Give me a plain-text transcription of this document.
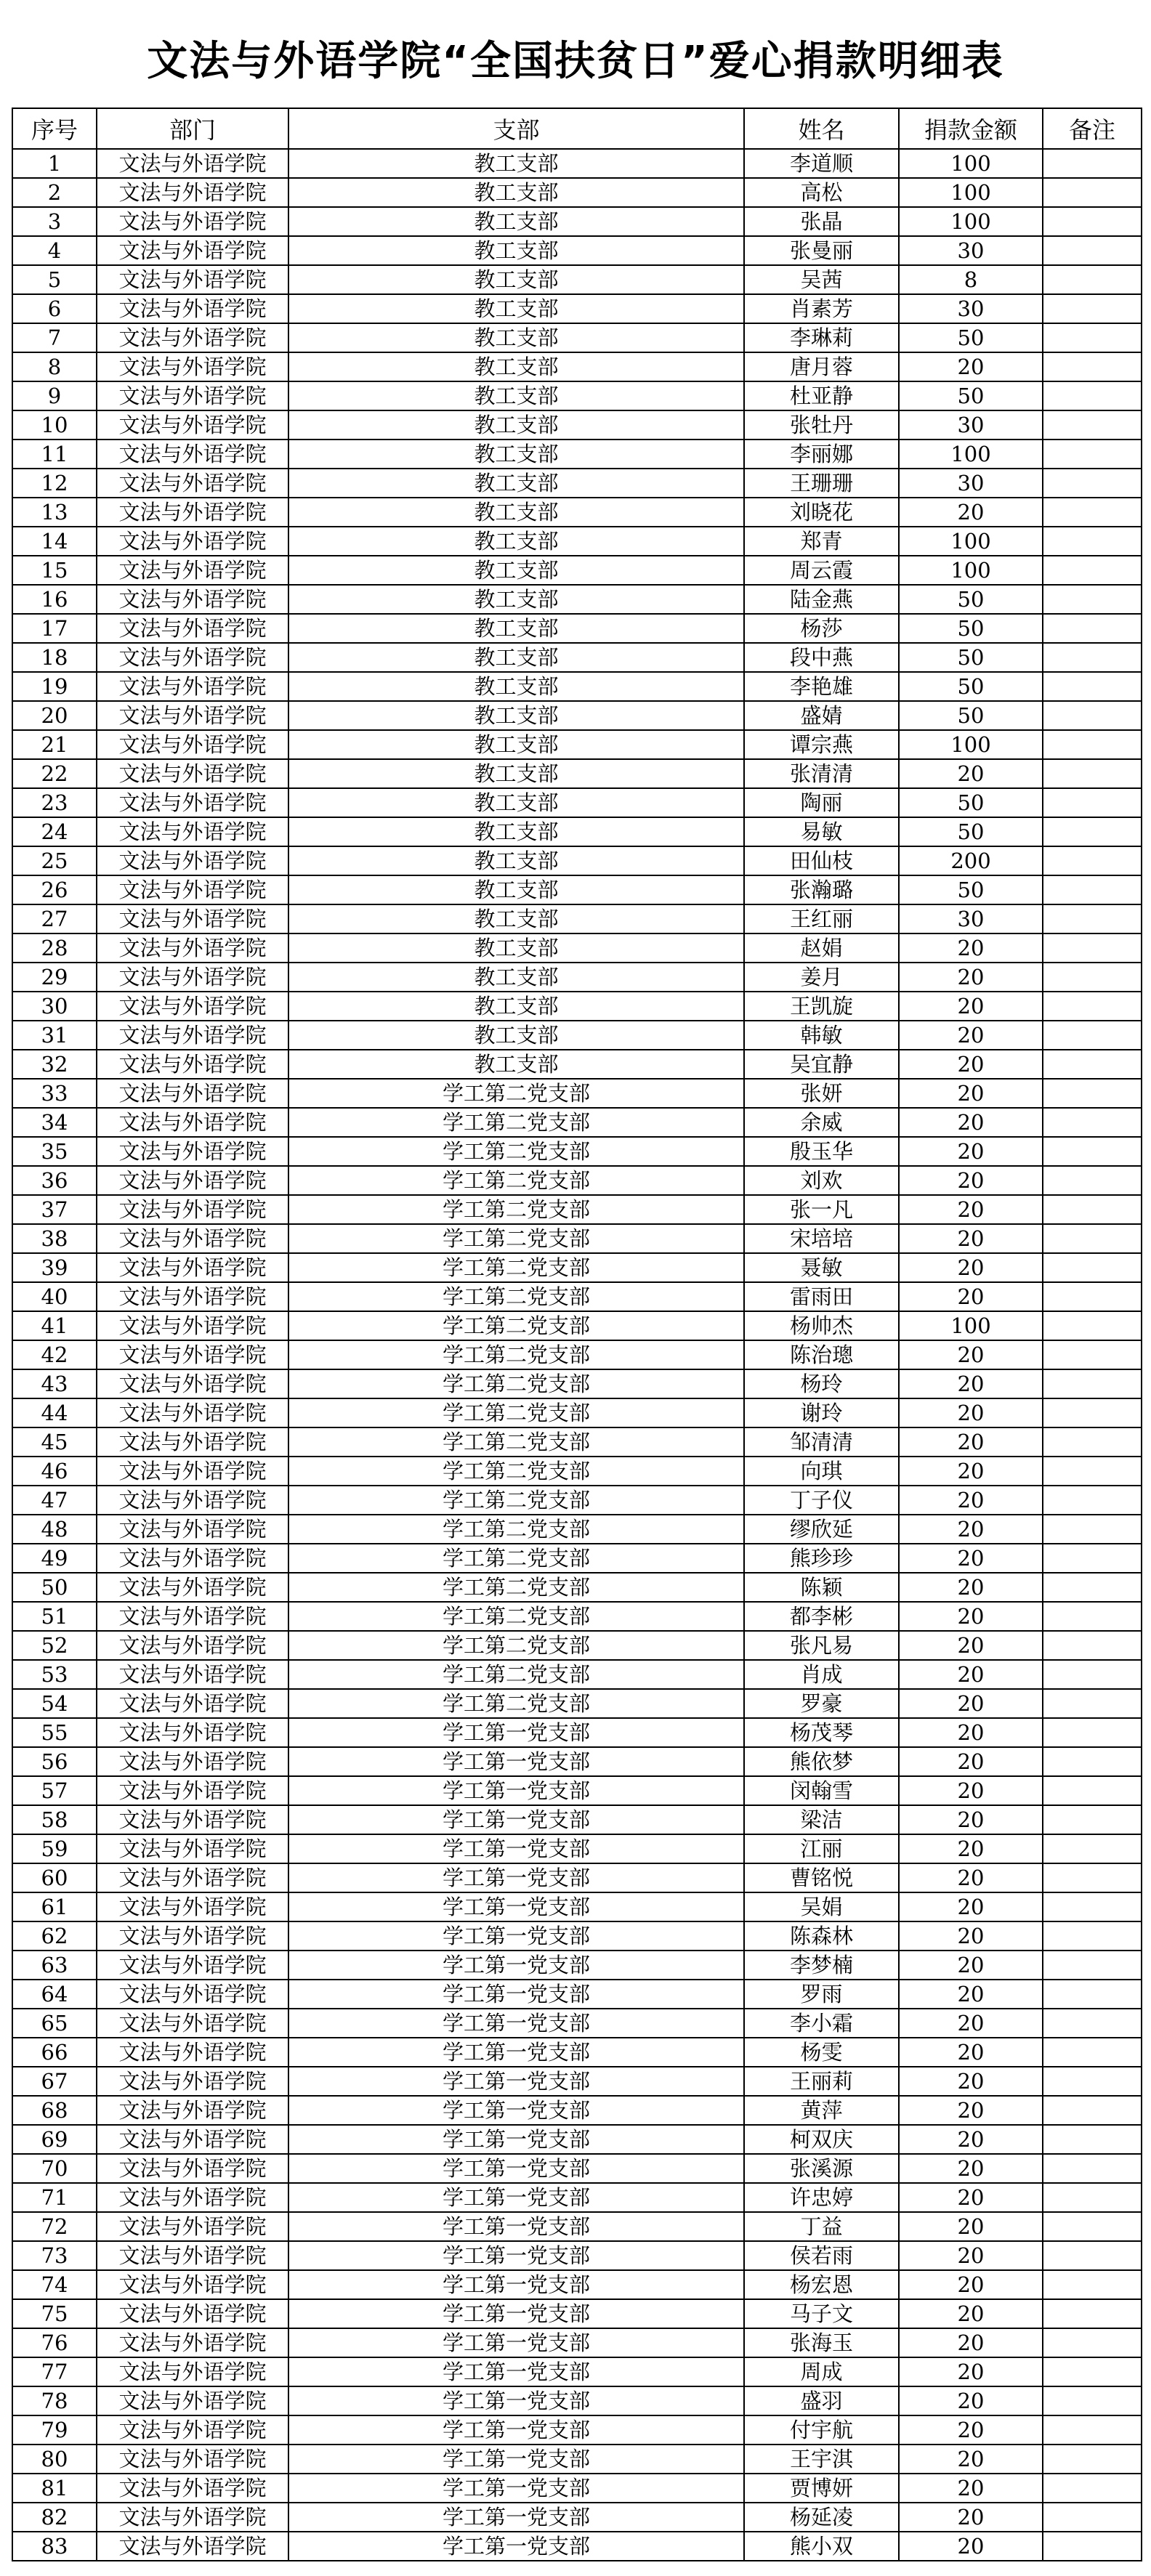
文法与外语学院“全国扶贫日”爱心捐款明细表
序号	部门	支部	姓名	捐款金额	备注
1	文法与外语学院	教工支部	李道顺	100	
2	文法与外语学院	教工支部	高松	100	
3	文法与外语学院	教工支部	张晶	100	
4	文法与外语学院	教工支部	张曼丽	30	
5	文法与外语学院	教工支部	吴茜	8	
6	文法与外语学院	教工支部	肖素芳	30	
7	文法与外语学院	教工支部	李琳莉	50	
8	文法与外语学院	教工支部	唐月蓉	20	
9	文法与外语学院	教工支部	杜亚静	50	
10	文法与外语学院	教工支部	张牡丹	30	
11	文法与外语学院	教工支部	李丽娜	100	
12	文法与外语学院	教工支部	王珊珊	30	
13	文法与外语学院	教工支部	刘晓花	20	
14	文法与外语学院	教工支部	郑青	100	
15	文法与外语学院	教工支部	周云霞	100	
16	文法与外语学院	教工支部	陆金燕	50	
17	文法与外语学院	教工支部	杨莎	50	
18	文法与外语学院	教工支部	段中燕	50	
19	文法与外语学院	教工支部	李艳雄	50	
20	文法与外语学院	教工支部	盛婧	50	
21	文法与外语学院	教工支部	谭宗燕	100	
22	文法与外语学院	教工支部	张清清	20	
23	文法与外语学院	教工支部	陶丽	50	
24	文法与外语学院	教工支部	易敏	50	
25	文法与外语学院	教工支部	田仙枝	200	
26	文法与外语学院	教工支部	张瀚璐	50	
27	文法与外语学院	教工支部	王红丽	30	
28	文法与外语学院	教工支部	赵娟	20	
29	文法与外语学院	教工支部	姜月	20	
30	文法与外语学院	教工支部	王凯旋	20	
31	文法与外语学院	教工支部	韩敏	20	
32	文法与外语学院	教工支部	吴宜静	20	
33	文法与外语学院	学工第二党支部	张妍	20	
34	文法与外语学院	学工第二党支部	余威	20	
35	文法与外语学院	学工第二党支部	殷玉华	20	
36	文法与外语学院	学工第二党支部	刘欢	20	
37	文法与外语学院	学工第二党支部	张一凡	20	
38	文法与外语学院	学工第二党支部	宋培培	20	
39	文法与外语学院	学工第二党支部	聂敏	20	
40	文法与外语学院	学工第二党支部	雷雨田	20	
41	文法与外语学院	学工第二党支部	杨帅杰	100	
42	文法与外语学院	学工第二党支部	陈治璁	20	
43	文法与外语学院	学工第二党支部	杨玲	20	
44	文法与外语学院	学工第二党支部	谢玲	20	
45	文法与外语学院	学工第二党支部	邹清清	20	
46	文法与外语学院	学工第二党支部	向琪	20	
47	文法与外语学院	学工第二党支部	丁子仪	20	
48	文法与外语学院	学工第二党支部	缪欣延	20	
49	文法与外语学院	学工第二党支部	熊珍珍	20	
50	文法与外语学院	学工第二党支部	陈颖	20	
51	文法与外语学院	学工第二党支部	都李彬	20	
52	文法与外语学院	学工第二党支部	张凡易	20	
53	文法与外语学院	学工第二党支部	肖成	20	
54	文法与外语学院	学工第二党支部	罗豪	20	
55	文法与外语学院	学工第一党支部	杨茂琴	20	
56	文法与外语学院	学工第一党支部	熊依梦	20	
57	文法与外语学院	学工第一党支部	闵翰雪	20	
58	文法与外语学院	学工第一党支部	梁洁	20	
59	文法与外语学院	学工第一党支部	江丽	20	
60	文法与外语学院	学工第一党支部	曹铭悦	20	
61	文法与外语学院	学工第一党支部	吴娟	20	
62	文法与外语学院	学工第一党支部	陈森林	20	
63	文法与外语学院	学工第一党支部	李梦楠	20	
64	文法与外语学院	学工第一党支部	罗雨	20	
65	文法与外语学院	学工第一党支部	李小霜	20	
66	文法与外语学院	学工第一党支部	杨雯	20	
67	文法与外语学院	学工第一党支部	王丽莉	20	
68	文法与外语学院	学工第一党支部	黄萍	20	
69	文法与外语学院	学工第一党支部	柯双庆	20	
70	文法与外语学院	学工第一党支部	张溪源	20	
71	文法与外语学院	学工第一党支部	许忠婷	20	
72	文法与外语学院	学工第一党支部	丁益	20	
73	文法与外语学院	学工第一党支部	侯若雨	20	
74	文法与外语学院	学工第一党支部	杨宏恩	20	
75	文法与外语学院	学工第一党支部	马子文	20	
76	文法与外语学院	学工第一党支部	张海玉	20	
77	文法与外语学院	学工第一党支部	周成	20	
78	文法与外语学院	学工第一党支部	盛羽	20	
79	文法与外语学院	学工第一党支部	付宇航	20	
80	文法与外语学院	学工第一党支部	王宇淇	20	
81	文法与外语学院	学工第一党支部	贾博妍	20	
82	文法与外语学院	学工第一党支部	杨延凌	20	
83	文法与外语学院	学工第一党支部	熊小双	20	
